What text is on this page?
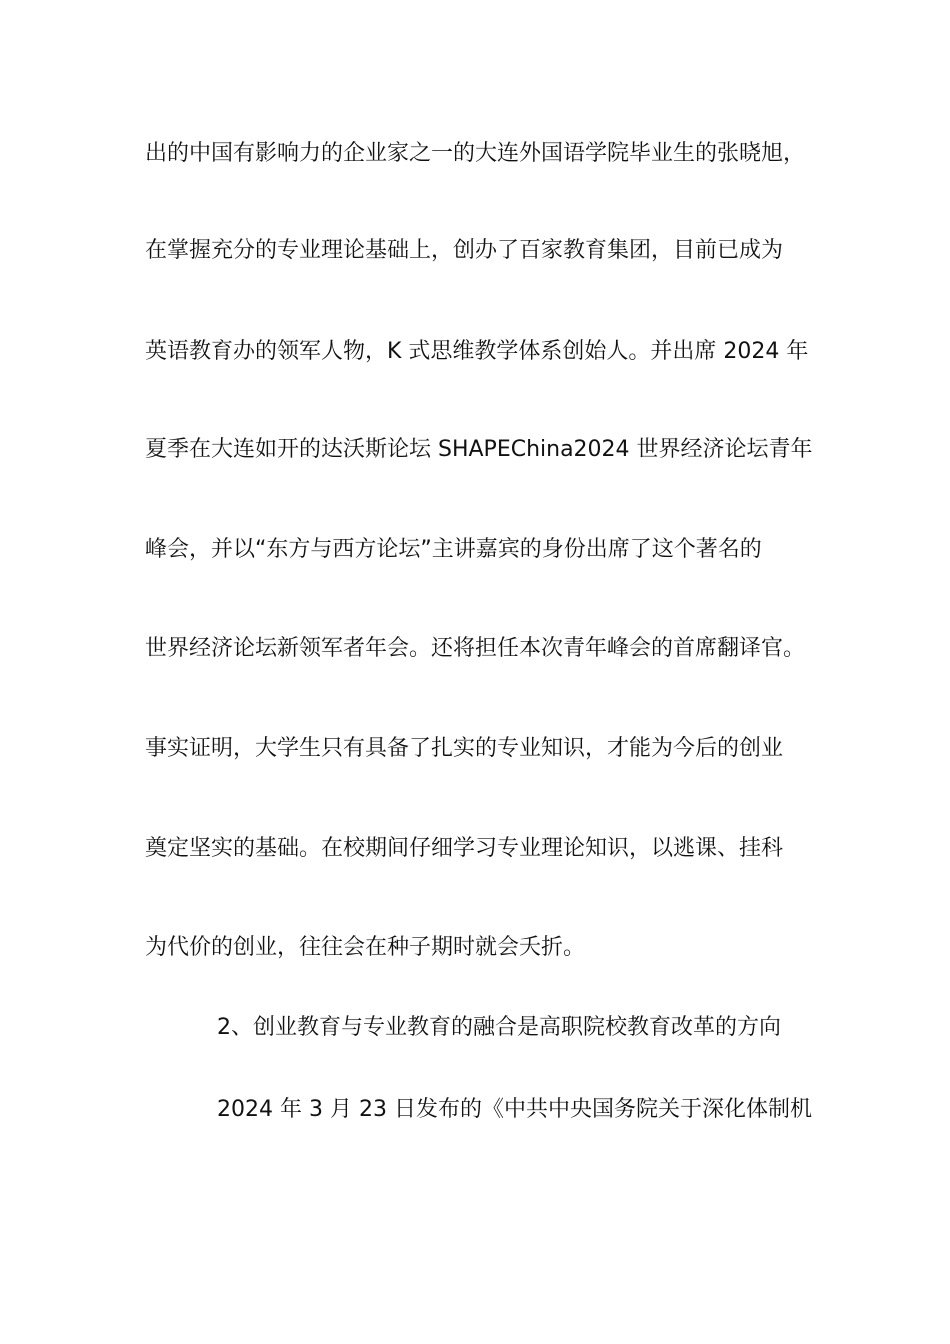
出的中国有影响力的企业家之一的大连外国语学院毕业生的张晓旭，
在掌握充分的专业理论基础上，创办了百家教育集团，目前已成为
英语教育办的领军人物，K 式思维教学体系创始人。并出席 2024 年
夏季在大连如开的达沃斯论坛 SHAPEChina2024 世界经济论坛青年
峰会，并以“东方与西方论坛”主讲嘉宾的身份出席了这个著名的
世界经济论坛新领军者年会。还将担任本次青年峰会的首席翻译官。
事实证明，大学生只有具备了扎实的专业知识，才能为今后的创业
奠定坚实的基础。在校期间仔细学习专业理论知识，以逃课、挂科
为代价的创业，往往会在种子期时就会夭折。
2、创业教育与专业教育的融合是高职院校教育改革的方向
2024 年 3 月 23 日发布的《中共中央国务院关于深化体制机
